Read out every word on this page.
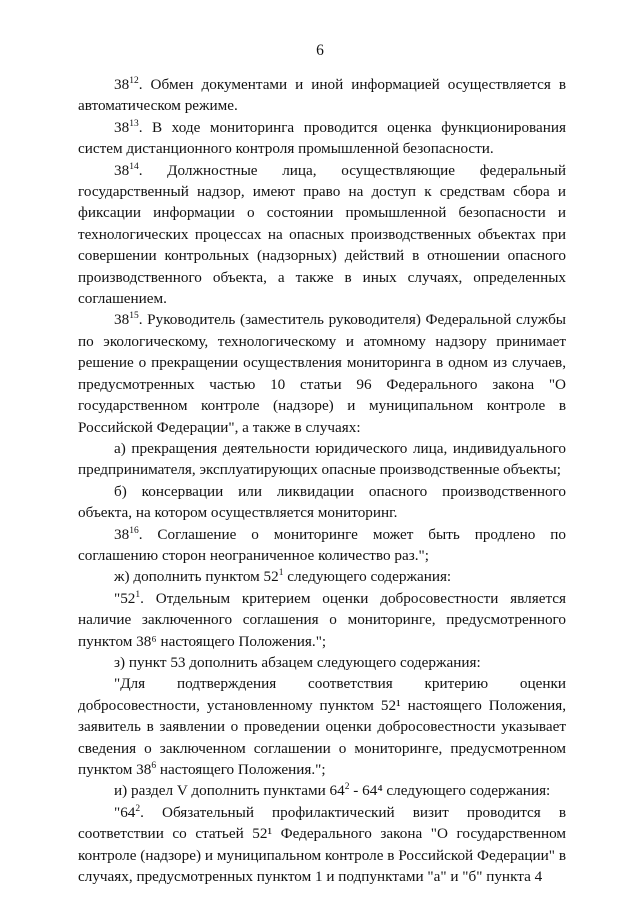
6

$38^{12}$. Обмен документами и иной информацией осуществляется в автоматическом режиме.

$38^{13}$. В ходе мониторинга проводится оценка функционирования систем дистанционного контроля промышленной безопасности.

$38^{14}$. Должностные лица, осуществляющие федеральный государственный надзор, имеют право на доступ к средствам сбора и фиксации информации о состоянии промышленной безопасности и технологических процессах на опасных производственных объектах при совершении контрольных (надзорных) действий в отношении опасного производственного объекта, а также в иных случаях, определенных соглашением.

$38^{15}$. Руководитель (заместитель руководителя) Федеральной службы по экологическому, технологическому и атомному надзору принимает решение о прекращении осуществления мониторинга в одном из случаев, предусмотренных частью 10 статьи 96 Федерального закона "О государственном контроле (надзоре) и муниципальном контроле в Российской Федерации", а также в случаях:

а) прекращения деятельности юридического лица, индивидуального предпринимателя, эксплуатирующих опасные производственные объекты;

б) консервации или ликвидации опасного производственного объекта, на котором осуществляется мониторинг.

$38^{16}$. Соглашение о мониторинге может быть продлено по соглашению сторон неограниченное количество раз.";

ж) дополнить пунктом $52^1$ следующего содержания:

"$52^1$. Отдельным критерием оценки добросовестности является наличие заключенного соглашения о мониторинге, предусмотренного пунктом 38⁶ настоящего Положения.";

з) пункт 53 дополнить абзацем следующего содержания:

"Для подтверждения соответствия критерию оценки добросовестности, установленному пунктом 52¹ настоящего Положения, заявитель в заявлении о проведении оценки добросовестности указывает сведения о заключенном соглашении о мониторинге, предусмотренном пунктом $38^6$ настоящего Положения.";

и) раздел V дополнить пунктами $64^2 - 64^4$ следующего содержания:

"$64^2$. Обязательный профилактический визит проводится в соответствии со статьей 52¹ Федерального закона "О государственном контроле (надзоре) и муниципальном контроле в Российской Федерации" в случаях, предусмотренных пунктом 1 и подпунктами "а" и "б" пункта 4
